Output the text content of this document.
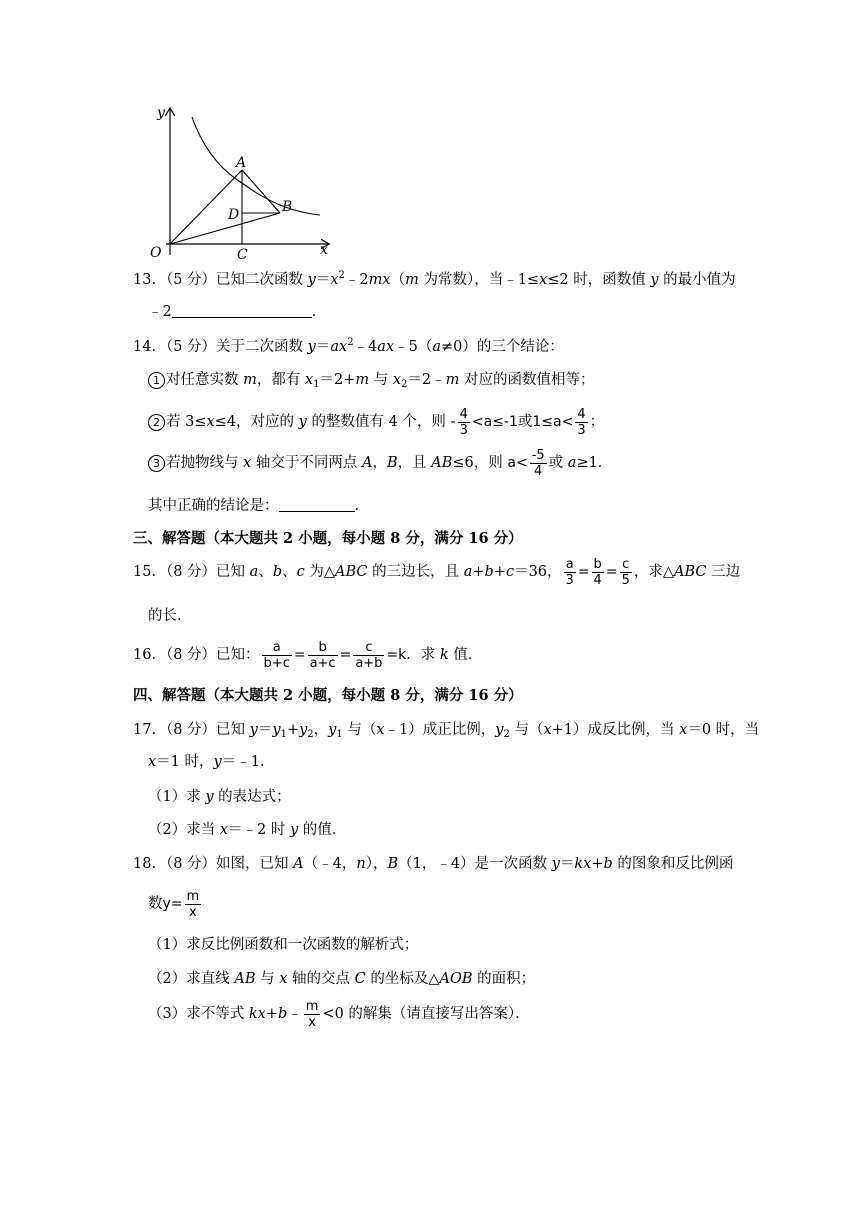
y
x
O
A
B
C
D
13．（5 分）已知二次函数 $y=x^2﹣2mx(m$ 为常数），当﹣1≤x≤2 时，函数值 y 的最小值为
﹣2	．
14．（5 分）关于二次函数 $y=ax^2﹣4ax﹣5(a\ne 0)$的三个结论：
1 对任意实数 m，都有 $x_1=2+m$ 与 $x_2=2﹣m$ 对应的函数值相等；
2 若 3≤x≤4，对应的 y 的整数值有 4 个，则 - $\frac{4}{3} <a\le-1$或$1\le a< \frac{4}{3}$ ；
3 若抛物线与 x 轴交于不同两点 A，B，且 AB≤6，则 $a< \frac{-5}{4}$ 或 a≥1．
其中正确的结论是：	．
三、解答题（本大题共 2 小题，每小题 8 分，满分 16 分）
15．（8 分）已知 a、b、c 为△ABC 的三边长，且 a+b+c＝36， $\frac{a}{3} = \frac{b}{4} = \frac{c}{5}$ ，求△ABC 三边
的长．
16．（8 分）已知： $\frac{a}{b+c} = \frac{b}{a+c} = \frac{c}{a+b} =k$．求 k 值．
四、解答题（本大题共 2 小题，每小题 8 分，满分 16 分）
17．（8 分）已知 $y=y_1+y_2$，$y_1$ 与（x﹣1）成正比例，$y_2$ 与（x+1）成反比例，当 x＝0 时，当
x＝1 时，y＝﹣1．
（1）求 y 的表达式；
（2）求当 x＝﹣2 时 y 的值．
18．（8 分）如图，已知 A（﹣4，n），B（1，﹣4）是一次函数 y＝kx+b 的图象和反比例函
数$y= \frac{m}{x}$
（1）求反比例函数和一次函数的解析式；
（2）求直线 AB 与 x 轴的交点 C 的坐标及△AOB 的面积；
（3）求不等式 kx+b﹣ $\frac{m}{x} <0$ 的解集（请直接写出答案）．
